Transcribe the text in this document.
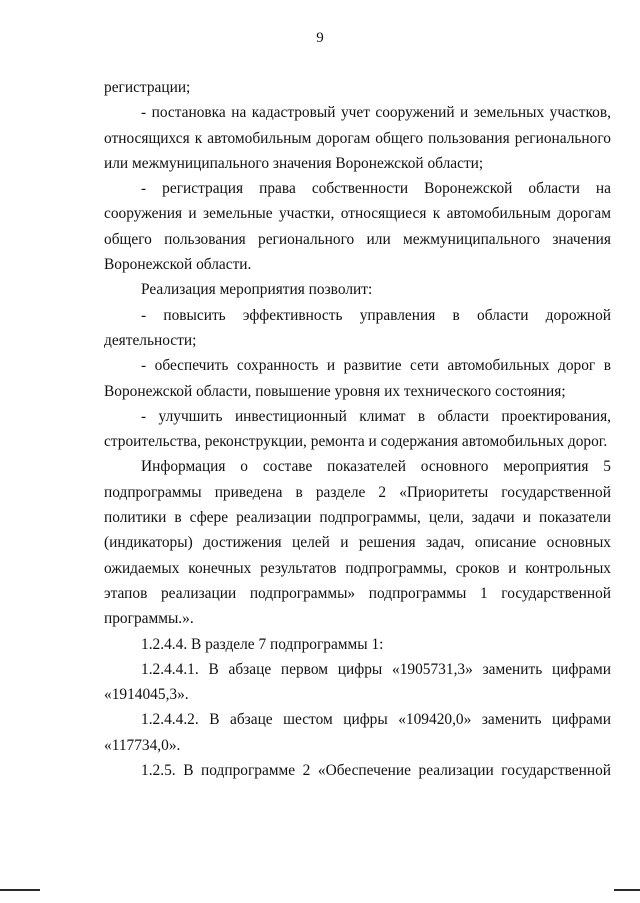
9

регистрации;

- постановка на кадастровый учет сооружений и земельных участков, относящихся к автомобильным дорогам общего пользования регионального или межмуниципального значения Воронежской области;

- регистрация права собственности Воронежской области на сооружения и земельные участки, относящиеся к автомобильным дорогам общего пользования регионального или межмуниципального значения Воронежской области.

Реализация мероприятия позволит:

- повысить эффективность управления в области дорожной деятельности;

- обеспечить сохранность и развитие сети автомобильных дорог в Воронежской области, повышение уровня их технического состояния;

- улучшить инвестиционный климат в области проектирования, строительства, реконструкции, ремонта и содержания автомобильных дорог.

Информация о составе показателей основного мероприятия 5 подпрограммы приведена в разделе 2 «Приоритеты государственной политики в сфере реализации подпрограммы, цели, задачи и показатели (индикаторы) достижения целей и решения задач, описание основных ожидаемых конечных результатов подпрограммы, сроков и контрольных этапов реализации подпрограммы» подпрограммы 1 государственной программы.».

1.2.4.4. В разделе 7 подпрограммы 1:

1.2.4.4.1. В абзаце первом цифры «1905731,3» заменить цифрами «1914045,3».

1.2.4.4.2. В абзаце шестом цифры «109420,0» заменить цифрами «117734,0».

1.2.5. В подпрограмме 2 «Обеспечение реализации государственной
